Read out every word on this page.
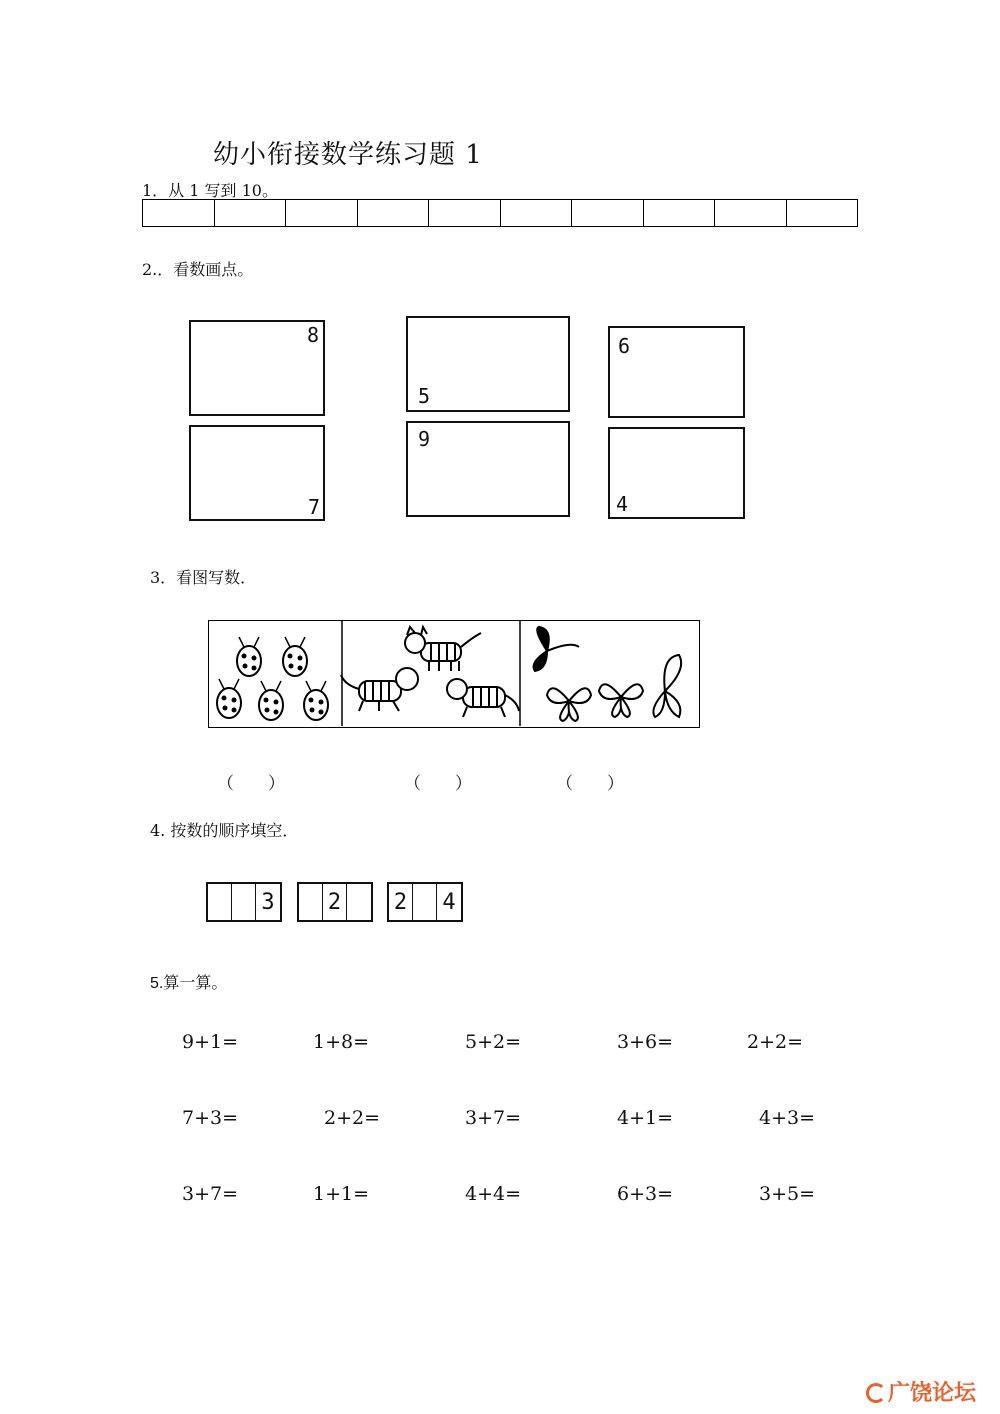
幼小衔接数学练习题 1
1．从 1 写到 10。
2.．看数画点。
8
5
6
7
9
4
3．看图写数．
（　　）	（　　）	（　　）
4. 按数的顺序填空．
3 2 2 4
5.算一算。
9+1=	1+8=	5+2=	3+6=	2+2=
7+3=	2+2=	3+7=	4+1=	4+3=
3+7=	1+1=	4+4=	6+3=	3+5=
广饶论坛
